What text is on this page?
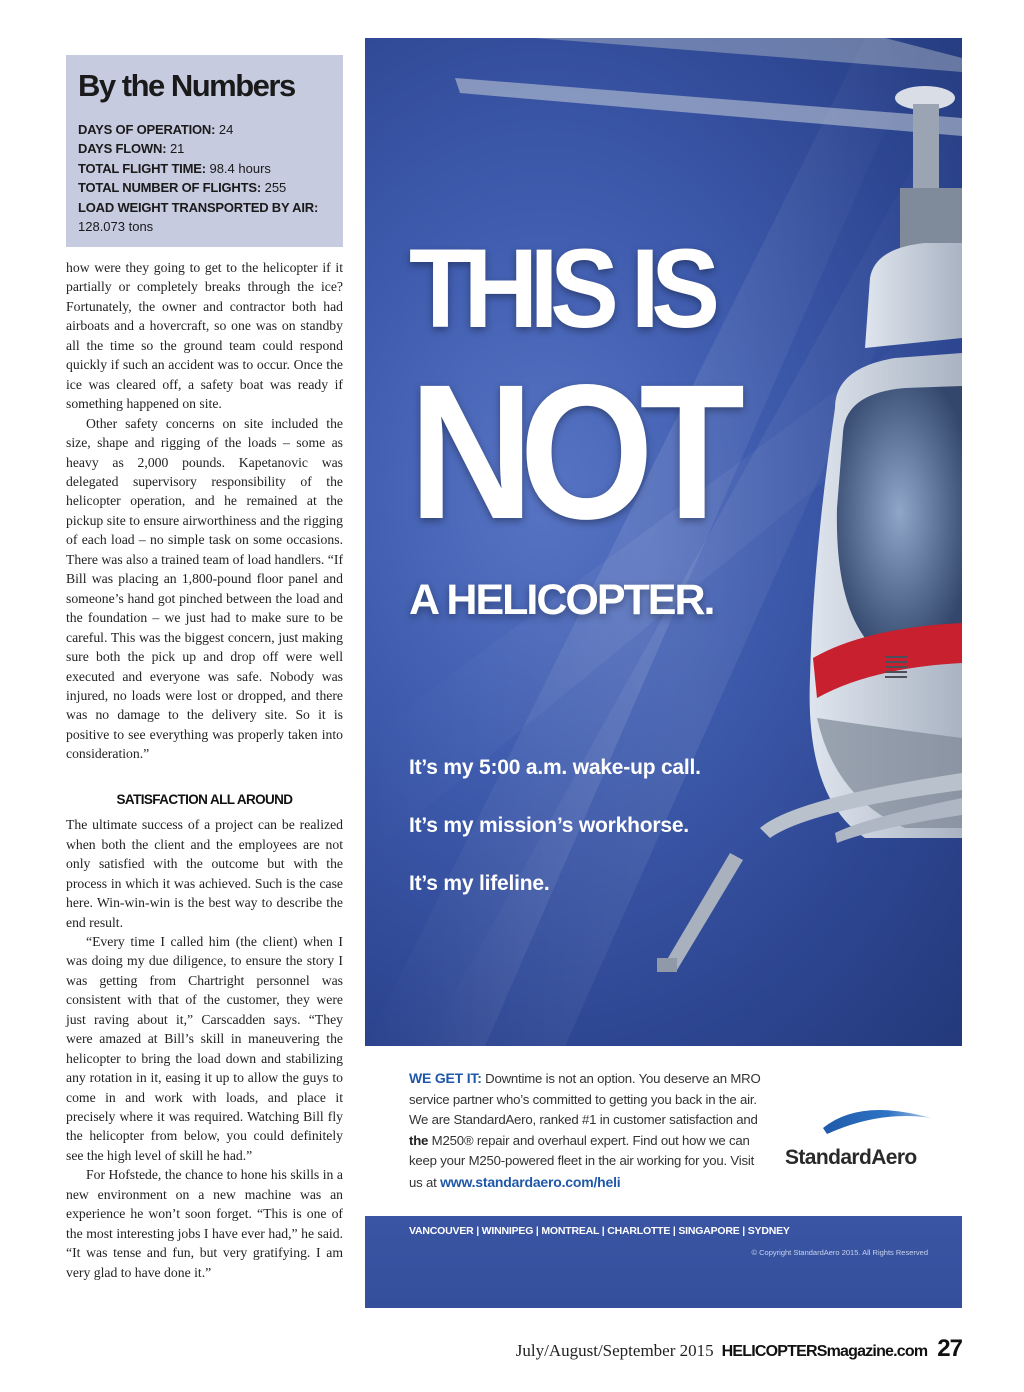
By the Numbers
DAYS OF OPERATION: 24
DAYS FLOWN: 21
TOTAL FLIGHT TIME: 98.4 hours
TOTAL NUMBER OF FLIGHTS: 255
LOAD WEIGHT TRANSPORTED BY AIR:
128.073 tons

how were they going to get to the helicopter if it partially or completely breaks through the ice? Fortunately, the owner and contractor both had airboats and a hovercraft, so one was on standby all the time so the ground team could respond quickly if such an accident was to occur. Once the ice was cleared off, a safety boat was ready if something happened on site.

Other safety concerns on site included the size, shape and rigging of the loads – some as heavy as 2,000 pounds. Kapetanovic was delegated supervisory responsibility of the helicopter operation, and he remained at the pickup site to ensure airworthiness and the rigging of each load – no simple task on some occasions. There was also a trained team of load handlers. “If Bill was placing an 1,800-pound floor panel and someone’s hand got pinched between the load and the foundation – we just had to make sure to be careful. This was the biggest concern, just making sure both the pick up and drop off were well executed and everyone was safe. Nobody was injured, no loads were lost or dropped, and there was no damage to the delivery site. So it is positive to see everything was properly taken into consideration.”

SATISFACTION ALL AROUND

The ultimate success of a project can be realized when both the client and the employees are not only satisfied with the outcome but with the process in which it was achieved. Such is the case here. Win-win-win is the best way to describe the end result.

“Every time I called him (the client) when I was doing my due diligence, to ensure the story I was getting from Chartright personnel was consistent with that of the customer, they were just raving about it,” Carscadden says. “They were amazed at Bill’s skill in maneuvering the helicopter to bring the load down and stabilizing any rotation in it, easing it up to allow the guys to come in and work with loads, and place it precisely where it was required. Watching Bill fly the helicopter from below, you could definitely see the high level of skill he had.”

For Hofstede, the chance to hone his skills in a new environment on a new machine was an experience he won’t soon forget. “This is one of the most interesting jobs I have ever had,” he said. “It was tense and fun, but very gratifying. I am very glad to have done it.”

THIS IS
NOT
A HELICOPTER.
It’s my 5:00 a.m. wake-up call.
It’s my mission’s workhorse.
It’s my lifeline.
WE GET IT: Downtime is not an option. You deserve an MRO service partner who’s committed to getting you back in the air. We are StandardAero, ranked #1 in customer satisfaction and the M250® repair and overhaul expert. Find out how we can keep your M250-powered fleet in the air working for you. Visit us at www.standardaero.com/heli
StandardAero
VANCOUVER | WINNIPEG | MONTREAL | CHARLOTTE | SINGAPORE | SYDNEY
© Copyright StandardAero 2015. All Rights Reserved
July/August/September 2015 HELICOPTERSmagazine.com 27
